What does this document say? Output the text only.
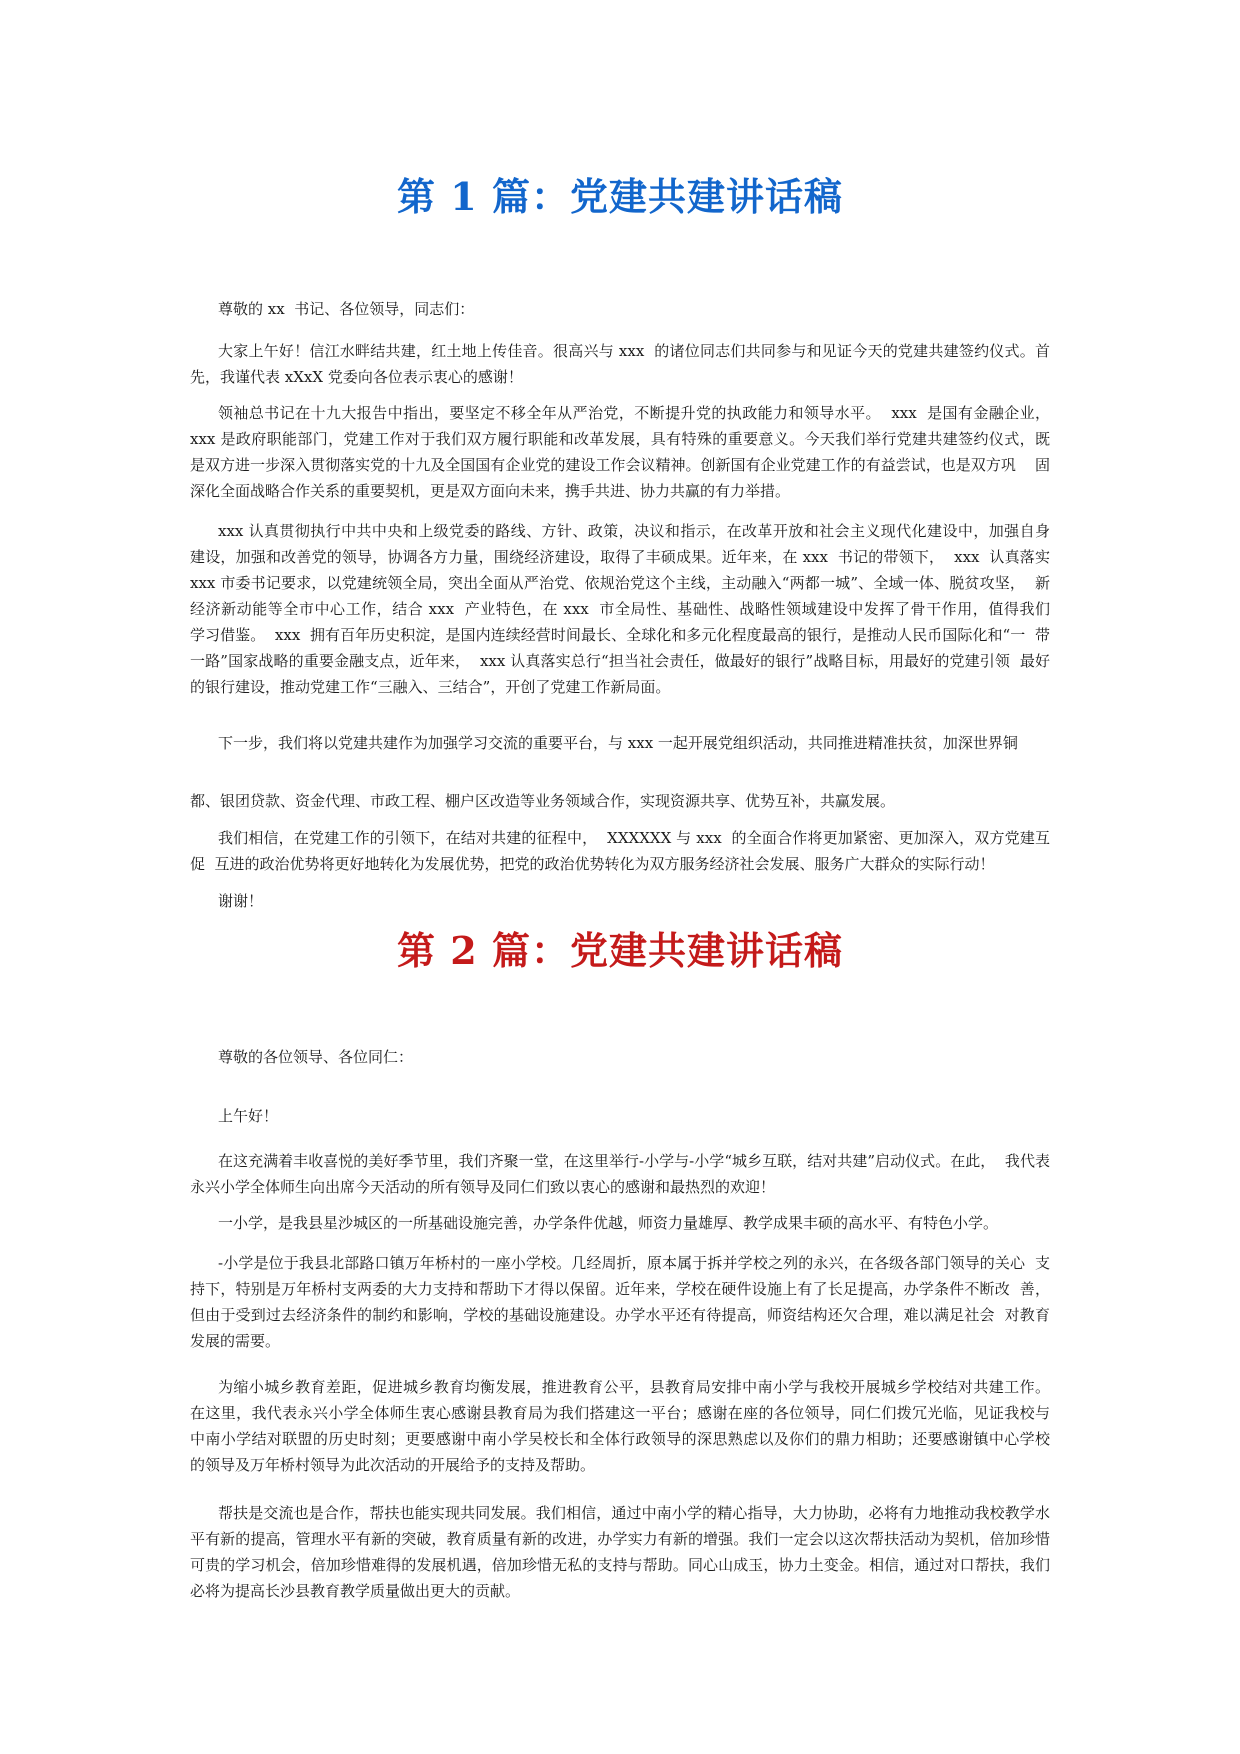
第 1 篇：党建共建讲话稿

尊敬的 xx  书记、各位领导，同志们：

大家上午好！信江水畔结共建，红土地上传佳音。很高兴与 xxx  的诸位同志们共同参与和见证今天的党建共建签约仪式。首  先，我谨代表 xXxX 党委向各位表示衷心的感谢！

领袖总书记在十九大报告中指出，要坚定不移全年从严治党，不断提升党的执政能力和领导水平。  xxx  是国有金融企业，xxx 是政府职能部门，党建工作对于我们双方履行职能和改革发展，具有特殊的重要意义。今天我们举行党建共建签约仪式，既  是双方进一步深入贯彻落实党的十九及全国国有企业党的建设工作会议精神。创新国有企业党建工作的有益尝试，也是双方巩    固深化全面战略合作关系的重要契机，更是双方面向未来，携手共进、协力共赢的有力举措。

xxx 认真贯彻执行中共中央和上级党委的路线、方针、政策，决议和指示，在改革开放和社会主义现代化建设中，加强自身  建设，加强和改善党的领导，协调各方力量，围绕经济建设，取得了丰硕成果。近年来，在 xxx  书记的带领下，  xxx  认真落实    xxx 市委书记要求，以党建统领全局，突出全面从严治党、依规治党这个主线，主动融入“两都一城”、全域一体、脱贫攻坚，  新经济新动能等全市中心工作，结合 xxx  产业特色，在 xxx  市全局性、基础性、战略性领域建设中发挥了骨干作用，值得我们    学习借鉴。  xxx  拥有百年历史积淀，是国内连续经营时间最长、全球化和多元化程度最高的银行，是推动人民币国际化和“一  带一路”国家战略的重要金融支点，近年来，  xxx 认真落实总行“担当社会责任，做最好的银行”战略目标，用最好的党建引领  最好的银行建设，推动党建工作“三融入、三结合”，开创了党建工作新局面。

下一步，我们将以党建共建作为加强学习交流的重要平台，与 xxx 一起开展党组织活动，共同推进精准扶贫，加深世界铜

都、银团贷款、资金代理、市政工程、棚户区改造等业务领域合作，实现资源共享、优势互补，共赢发展。

我们相信，在党建工作的引领下，在结对共建的征程中，  XXXXXX 与 xxx  的全面合作将更加紧密、更加深入，双方党建互促  互进的政治优势将更好地转化为发展优势，把党的政治优势转化为双方服务经济社会发展、服务广大群众的实际行动！

谢谢！

第 2 篇：党建共建讲话稿

尊敬的各位领导、各位同仁：

上午好！

在这充满着丰收喜悦的美好季节里，我们齐聚一堂，在这里举行-小学与-小学“城乡互联，结对共建”启动仪式。在此，  我代表永兴小学全体师生向出席今天活动的所有领导及同仁们致以衷心的感谢和最热烈的欢迎！

一小学，是我县星沙城区的一所基础设施完善，办学条件优越，师资力量雄厚、教学成果丰硕的高水平、有特色小学。

-小学是位于我县北部路口镇万年桥村的一座小学校。几经周折，原本属于拆并学校之列的永兴，在各级各部门领导的关心  支持下，特别是万年桥村支两委的大力支持和帮助下才得以保留。近年来，学校在硬件设施上有了长足提高，办学条件不断改  善，但由于受到过去经济条件的制约和影响，学校的基础设施建设。办学水平还有待提高，师资结构还欠合理，难以满足社会  对教育发展的需要。

为缩小城乡教育差距，促进城乡教育均衡发展，推进教育公平，县教育局安排中南小学与我校开展城乡学校结对共建工作。  在这里，我代表永兴小学全体师生衷心感谢县教育局为我们搭建这一平台；感谢在座的各位领导，同仁们拨冗光临，见证我校与  中南小学结对联盟的历史时刻；更要感谢中南小学吴校长和全体行政领导的深思熟虑以及你们的鼎力相助；还要感谢镇中心学校    的领导及万年桥村领导为此次活动的开展给予的支持及帮助。

帮扶是交流也是合作，帮扶也能实现共同发展。我们相信，通过中南小学的精心指导，大力协助，必将有力地推动我校教学水平有新的提高，管理水平有新的突破，教育质量有新的改进，办学实力有新的增强。我们一定会以这次帮扶活动为契机，倍加珍惜可贵的学习机会，倍加珍惜难得的发展机遇，倍加珍惜无私的支持与帮助。同心山成玉，协力土变金。相信，通过对口帮扶，我们必将为提高长沙县教育教学质量做出更大的贡献。
